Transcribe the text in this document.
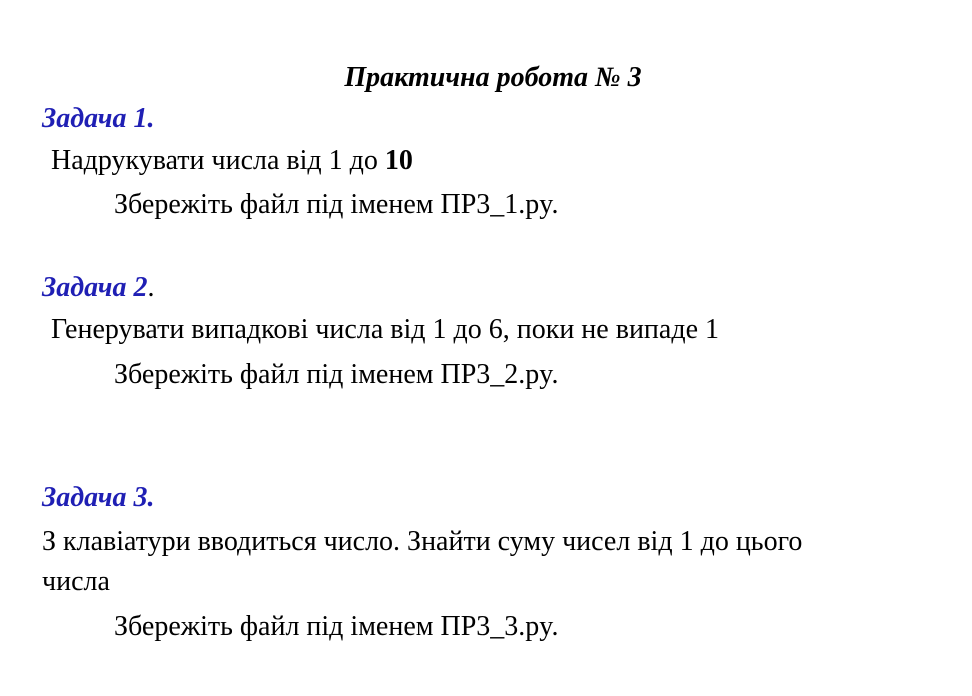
Практична робота № 3
Задача 1.
Надрукувати числа від 1 до 10
Збережіть файл під іменем ПР3_1.py.
Задача 2.
Генерувати випадкові числа від 1 до 6, поки не випаде 1
Збережіть файл під іменем ПР3_2.py.
Задача 3.
З клавіатури вводиться число. Знайти суму чисел від 1 до цього
числа
Збережіть файл під іменем ПР3_3.py.
